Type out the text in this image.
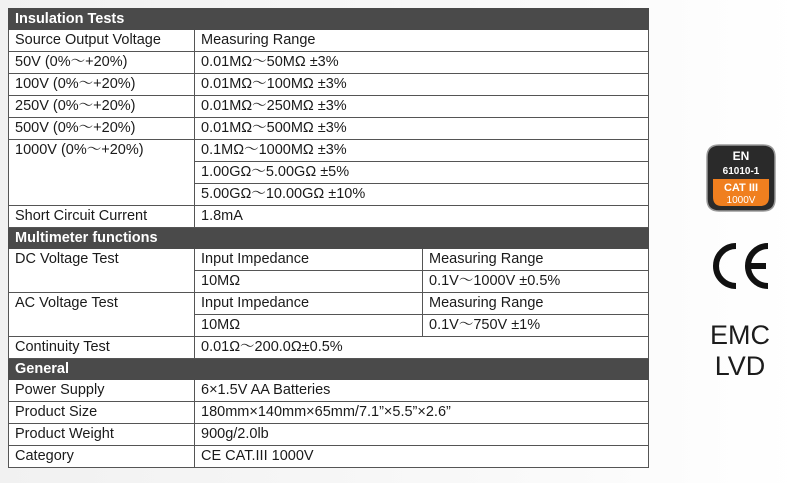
Insulation Tests		
Source Output Voltage	Measuring Range	
50V (0%～+20%)	0.01MΩ～50MΩ ±3%	
100V (0%～+20%)	0.01MΩ～100MΩ ±3%	
250V (0%～+20%)	0.01MΩ～250MΩ ±3%	
500V (0%～+20%)	0.01MΩ～500MΩ ±3%	
1000V (0%～+20%)	0.1MΩ～1000MΩ ±3%	
	1.00GΩ～5.00GΩ ±5%	
	5.00GΩ～10.00GΩ ±10%	
Short Circuit Current	1.8mA	
Multimeter functions		
DC Voltage Test	Input Impedance	Measuring Range
	10MΩ	0.1V～1000V ±0.5%
AC Voltage Test	Input Impedance	Measuring Range
	10MΩ	0.1V～750V ±1%
Continuity Test	0.01Ω～200.0Ω±0.5%	
General		
Power Supply	6×1.5V AA Batteries	
Product Size	180mm×140mm×65mm/7.1”×5.5”×2.6”	
Product Weight	900g/2.0lb	
Category	CE CAT.III 1000V	
EN
61010-1
CAT III
1000V
EMC
LVD
